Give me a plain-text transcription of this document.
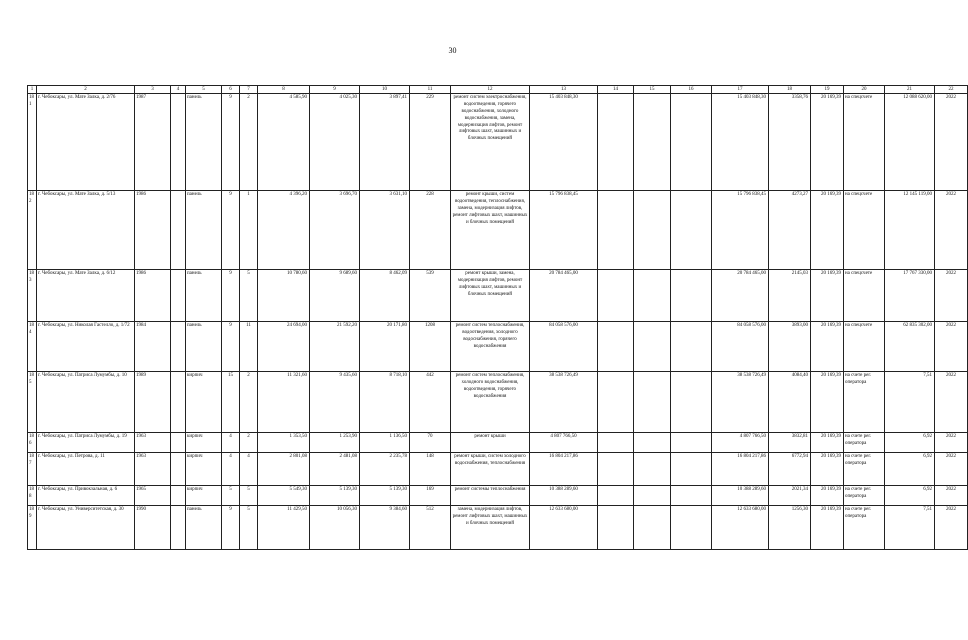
30
1	2	3	4	5	6	7	8	9	10	11	12	13	14	15	16	17	18	19	20	21	22
181	г. Чебоксары, ул. Мате Залка, д. 2/76	1987		панель	9	2	4 585,90	4 025,30	3 897,41	229	ремонт систем электроснабжения, водоотведения, горячего водоснабжения, холодного водоснабжения, замена, модернизация лифтов, ремонт лифтовых шахт, машинных и блочных помещений	15 403 848,30				15 403 848,30	3358,76	20 169,39	на спецсчете	12 088 620,00	2022
182	г. Чебоксары, ул. Мате Залка, д. 5/13	1986		панель	9	1	4 396,20	3 696,70	3 631,10	228	ремонт крыши, систем водоотведения, теплоснабжения, замена, модернизация лифтов, ремонт лифтовых шахт, машинных и блочных помещений	15 796 838,45				15 796 838,45	4273,27	20 169,39	на спецсчете	12 145 119,00	2022
183	г. Чебоксары, ул. Мате Залка, д. 6/12	1986		панель	9	5	10 780,60	9 689,60	8 462,09	539	ремонт крыши, замена, модернизация лифтов, ремонт лифтовых шахт, машинных и блочных помещений	20 784 465,00				20 784 465,00	2145,03	20 169,39	на спецсчете	17 767 330,00	2022
184	г. Чебоксары, ул. Николая Гастелло, д. 1/72	1984		панель	9	11	24 694,00	21 592,20	20 171,80	1208	ремонт систем теплоснабжения, водоотведения, холодного водоснабжения, горячего водоснабжения	84 058 576,00				84 058 576,00	3893,00	20 169,39	на спецсчете	62 835 302,00	2022
185	г. Чебоксары, ул. Патриса Лумумбы, д. 10	1989		кирпич	15	2	11 321,60	9 435,60	8 718,10	442	ремонт систем теплоснабжения, холодного водоснабжения, водоотведения, горячего водоснабжения	38 538 726,49				38 538 726,49	4084,40	20 169,39	на счете рег. оператора	7,51	2022
186	г. Чебоксары, ул. Патриса Лумумбы, д. 19	1963		кирпич	4	2	1 353,50	1 253,90	1 136,50	70	ремонт крыши	4 807 766,50				4 807 766,50	3832,81	20 169,39	на счете рег. оператора	6,92	2022
187	г. Чебоксары, ул. Петрова, д. 11	1963		кирпич	4	4	2 801,08	2 481,08	2 235,78	148	ремонт крыши, систем холодного водоснабжения, теплоснабжения	16 804 217,86				16 804 217,86	6772,94	20 169,39	на счете рег. оператора	6,92	2022
188	г. Чебоксары, ул. Привокзальная, д. 6	1965		кирпич	5	5	5 549,30	5 139,30	5 139,30	169	ремонт системы теплоснабжения	10 388 289,60				10 388 289,60	2021,34	20 169,39	на счете рег. оператора	6,92	2022
189	г. Чебоксары, ул. Университетская, д. 30	1990		панель	9	5	11 429,50	10 056,30	9 384,60	512	замена, модернизация лифтов, ремонт лифтовых шахт, машинных и блочных помещений	12 633 680,00				12 633 680,00	1256,30	20 169,39	на счете рег. оператора	7,51	2022
